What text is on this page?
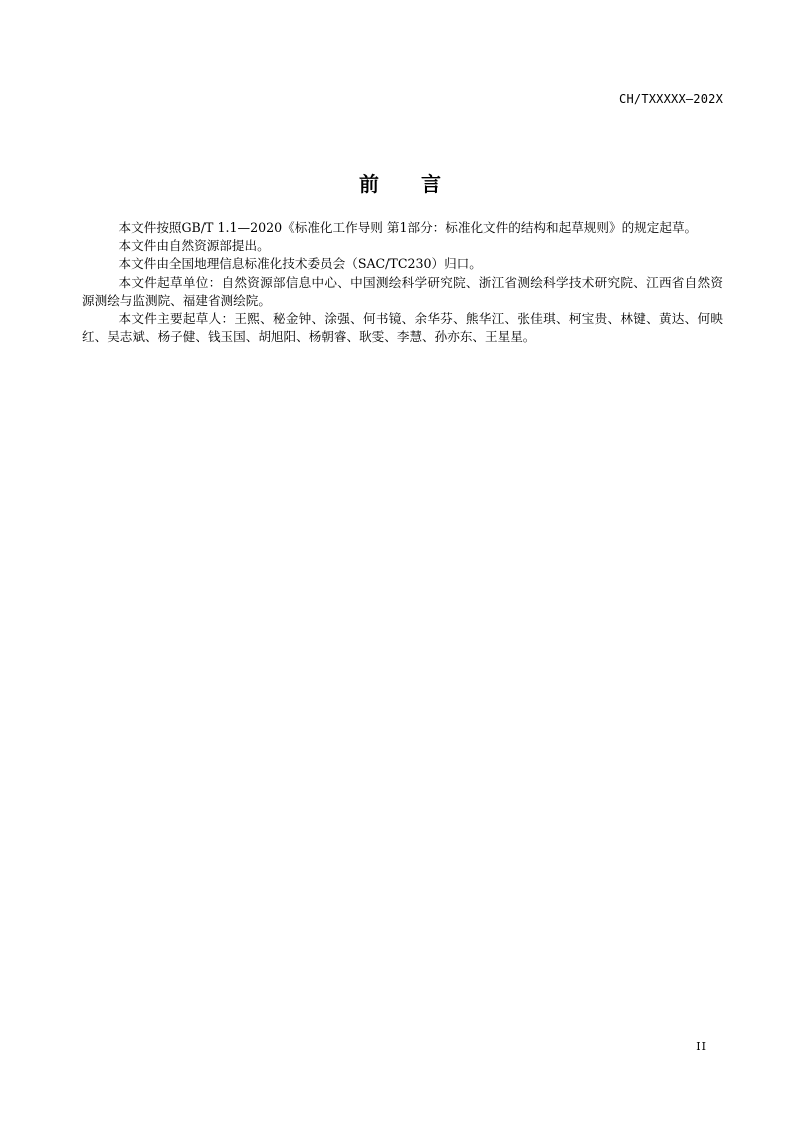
CH/TXXXXX—202X
前 言

本文件按照GB/T 1.1—2020《标准化工作导则 第1部分：标准化文件的结构和起草规则》的规定起草。

本文件由自然资源部提出。

本文件由全国地理信息标准化技术委员会（SAC/TC230）归口。

本文件起草单位：自然资源部信息中心、中国测绘科学研究院、浙江省测绘科学技术研究院、江西省自然资源测绘与监测院、福建省测绘院。

本文件主要起草人：王熙、秘金钟、涂强、何书镜、余华芬、熊华江、张佳琪、柯宝贵、林键、黄达、何映红、吴志斌、杨子健、钱玉国、胡旭阳、杨朝睿、耿雯、李慧、孙亦东、王星星。

II
